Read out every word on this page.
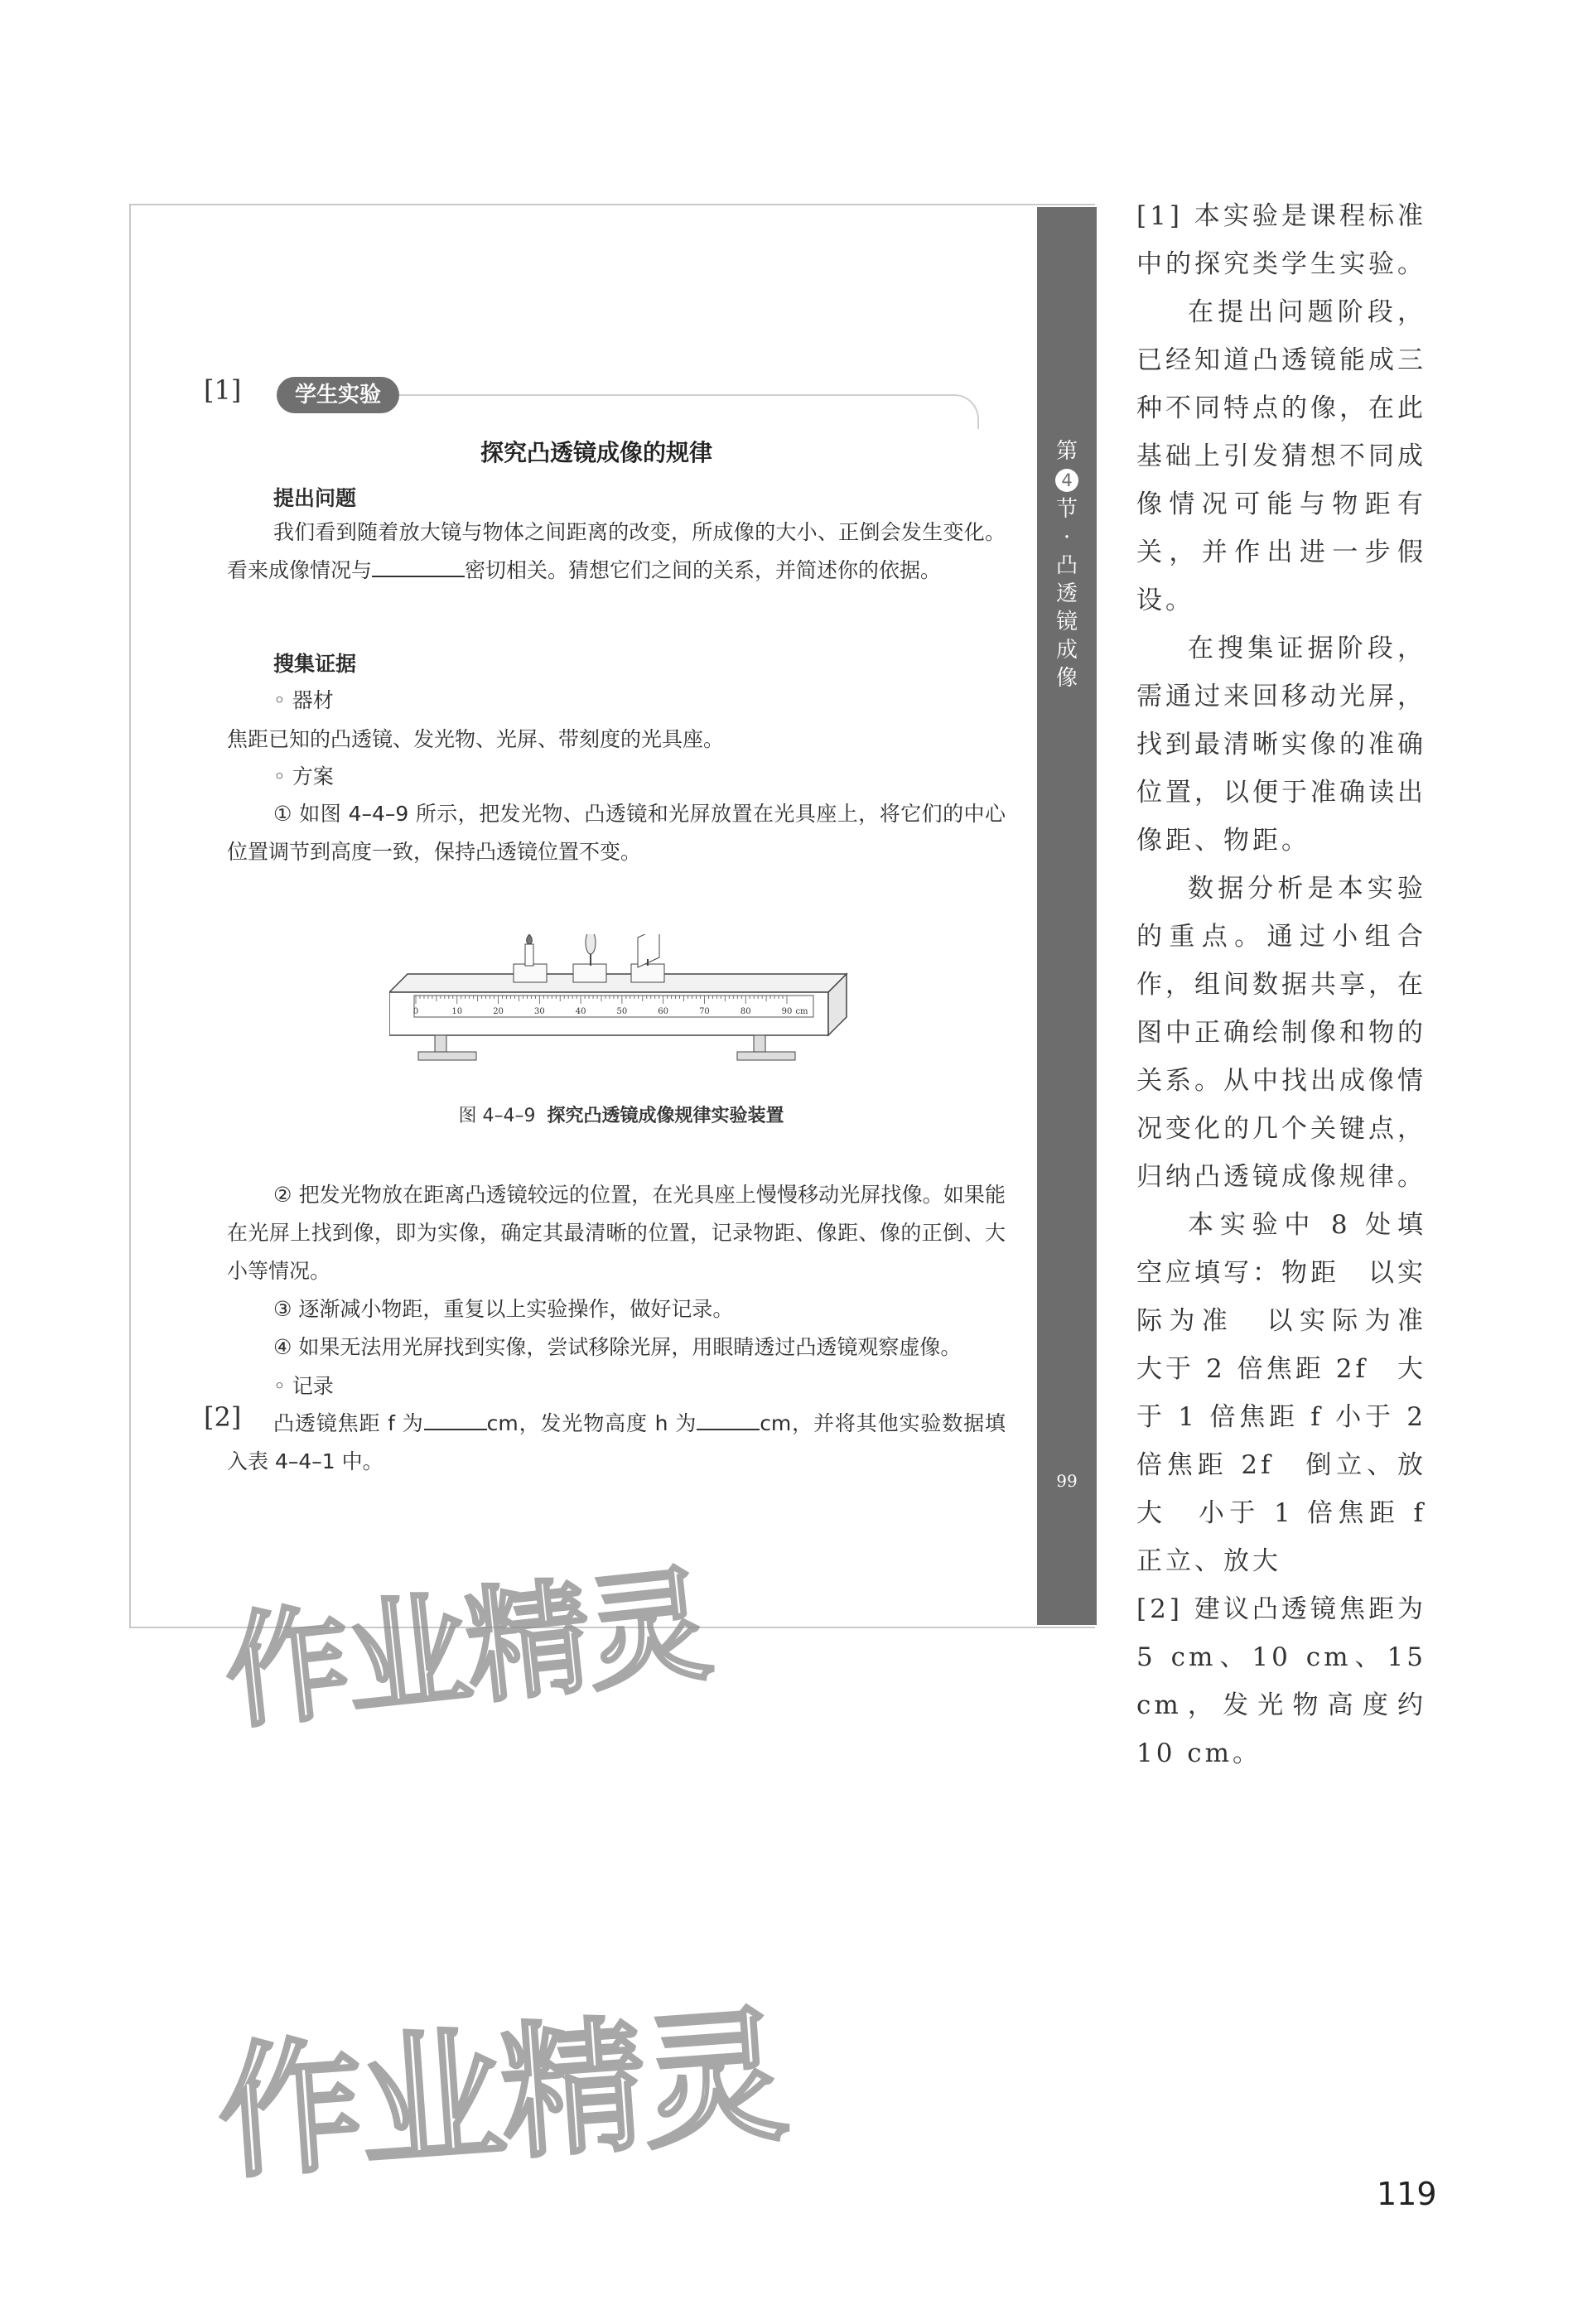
第
4
节
·
凸
透
镜
成
像
99
[1]	学生实验
探究凸透镜成像的规律
提出问题
我们看到随着放大镜与物体之间距离的改变，所成像的大小、正倒会发生变化。看来成像情况与	密切相关。猜想它们之间的关系，并简述你的依据。
搜集证据
◦ 器材
焦距已知的凸透镜、发光物、光屏、带刻度的光具座。
◦ 方案
① 如图 4–4–9 所示，把发光物、凸透镜和光屏放置在光具座上，将它们的中心位置调节到高度一致，保持凸透镜位置不变。
0	10	20	30	40	50	60	70	80	90 cm
图 4–4–9 探究凸透镜成像规律实验装置
② 把发光物放在距离凸透镜较远的位置，在光具座上慢慢移动光屏找像。如果能在光屏上找到像，即为实像，确定其最清晰的位置，记录物距、像距、像的正倒、大小等情况。
③ 逐渐减小物距，重复以上实验操作，做好记录。
④ 如果无法用光屏找到实像，尝试移除光屏，用眼睛透过凸透镜观察虚像。
◦ 记录
[2]	凸透镜焦距 f 为	cm，发光物高度 h 为	cm，并将其他实验数据填入表 4–4–1 中。
作业精灵
作业精灵

[1] 本实验是课程标准中的探究类学生实验。

在提出问题阶段，已经知道凸透镜能成三种不同特点的像，在此基础上引发猜想不同成像情况可能与物距有关，并作出进一步假设。

在搜集证据阶段，需通过来回移动光屏，找到最清晰实像的准确位置，以便于准确读出像距、物距。

数据分析是本实验的重点。通过小组合作，组间数据共享，在图中正确绘制像和物的关系。从中找出成像情况变化的几个关键点，归纳凸透镜成像规律。

本实验中 8 处填空应填写：物距　以实际为准　以实际为准　大于 2 倍焦距 2f　大于 1 倍焦距 f 小于 2 倍焦距 2f　倒立、放大　小于 1 倍焦距 f　正立、放大

[2] 建议凸透镜焦距为 5 cm、10 cm、15 cm，发光物高度约 10 cm。

119
